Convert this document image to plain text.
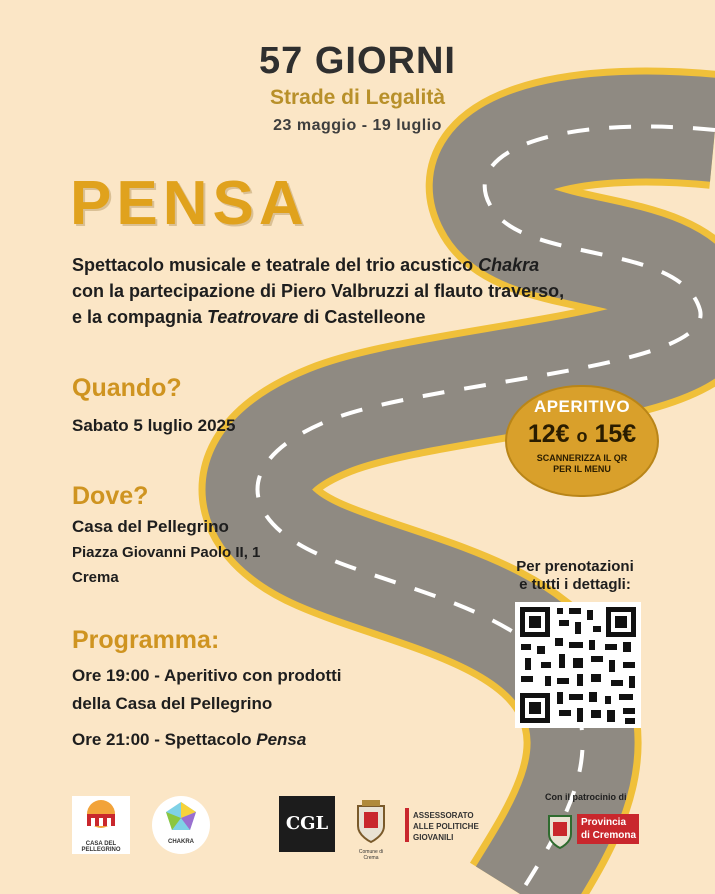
57 GIORNI
Strade di Legalità
23 maggio - 19 luglio
PENSA
Spettacolo musicale e teatrale del trio acustico Chakra
con la partecipazione di Piero Valbruzzi al flauto traverso,
e la compagnia Teatrovare di Castelleone
Quando?
Sabato 5 luglio 2025
Dove?
Casa del Pellegrino
Piazza Giovanni Paolo II, 1
Crema
Programma:
Ore 19:00 - Aperitivo con prodotti
della Casa del Pellegrino
Ore 21:00 - Spettacolo Pensa
APERITIVO
12€ o 15€
SCANNERIZZA IL QR
PER IL MENU
Per prenotazioni
e tutti i dettagli:
CASA DEL PELLEGRINO
CHAKRA
CGL
Comune di Crema
ASSESSORATO
ALLE POLITICHE
GIOVANILI
Con il patrocinio di
Provincia
di Cremona
